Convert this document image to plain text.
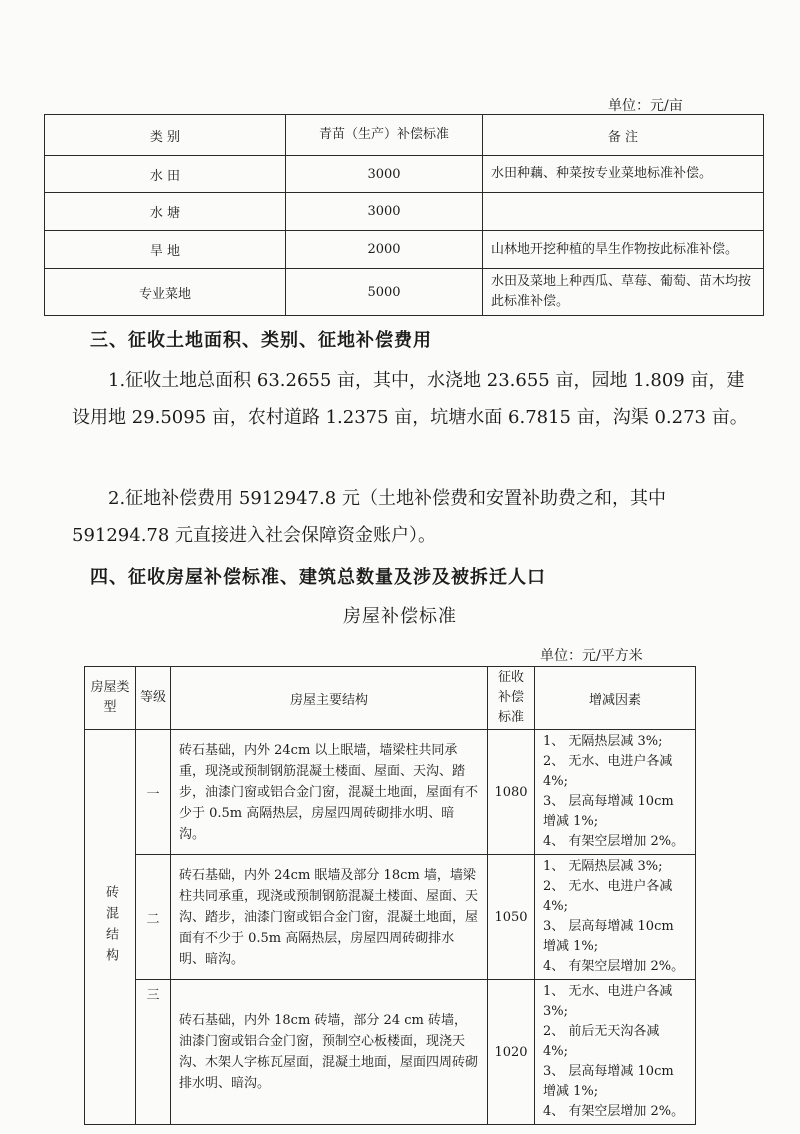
单位：元/亩
类 别	青苗（生产）补偿标准	备 注
水 田	3000	水田种藕、种菜按专业菜地标准补偿。
水 塘	3000	
旱 地	2000	山林地开挖种植的旱生作物按此标准补偿。
专业菜地	5000	水田及菜地上种西瓜、草莓、葡萄、苗木均按此标准补偿。
三、征收土地面积、类别、征地补偿费用
1.征收土地总面积 63.2655 亩，其中，水浇地 23.655 亩，园地 1.809 亩，建设用地 29.5095 亩，农村道路 1.2375 亩，坑塘水面 6.7815 亩，沟渠 0.273 亩。
2.征地补偿费用 5912947.8 元（土地补偿费和安置补助费之和，其中 591294.78 元直接进入社会保障资金账户）。
四、征收房屋补偿标准、建筑总数量及涉及被拆迁人口
房屋补偿标准
单位：元/平方米
房屋类型	等级	房屋主要结构	征收补偿标准	增减因素

砖混结构	一	砖石基础，内外 24cm 以上眠墙，墙梁柱共同承重，现浇或预制钢筋混凝土楼面、屋面、天沟、踏步，油漆门窗或铝合金门窗，混凝土地面，屋面有不少于 0.5m 高隔热层，房屋四周砖砌排水明、暗沟。	1080	1、 无隔热层减 3%;
2、 无水、电进户各减 4%;
3、 层高每增减 10cm 增减 1%;
4、 有架空层增加 2%。

	二	砖石基础，内外 24cm 眠墙及部分 18cm 墙，墙梁柱共同承重，现浇或预制钢筋混凝土楼面、屋面、天沟、踏步，油漆门窗或铝合金门窗，混凝土地面，屋面有不少于 0.5m 高隔热层，房屋四周砖砌排水明、暗沟。	1050	1、 无隔热层减 3%;
2、 无水、电进户各减 4%;
3、 层高每增减 10cm 增减 1%;
4、 有架空层增加 2%。

	三	砖石基础，内外 18cm 砖墙，部分 24 cm 砖墙，油漆门窗或铝合金门窗，预制空心板楼面，现浇天沟、木架人字栋瓦屋面，混凝土地面，屋面四周砖砌排水明、暗沟。	1020	1、 无水、电进户各减 3%;
2、 前后无天沟各减 4%;
3、 层高每增减 10cm 增减 1%;
4、 有架空层增加 2%。
